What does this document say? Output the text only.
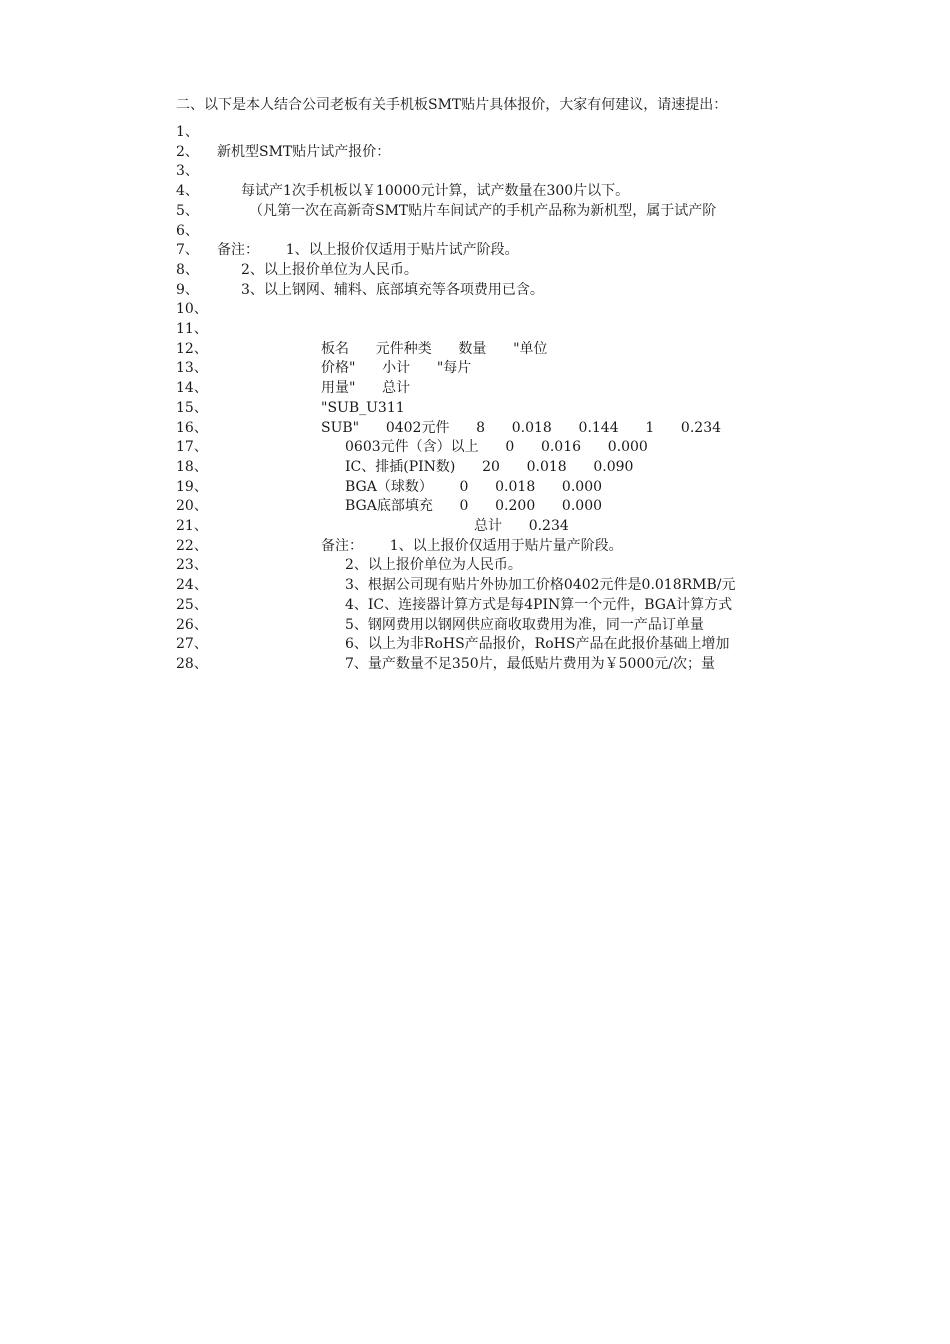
二、以下是本人结合公司老板有关手机板SMT贴片具体报价，大家有何建议，请速提出：
1、
2、 新机型SMT贴片试产报价：
3、
4、	每试产1次手机板以￥10000元计算，试产数量在300片以下。
5、	（凡第一次在高新奇SMT贴片车间试产的手机产品称为新机型，属于试产阶
6、
7、 备注：      1、以上报价仅适用于贴片试产阶段。
8、	2、以上报价单位为人民币。
9、	3、以上钢网、辅料、底部填充等各项费用已含。
10、
11、
12、	板名      元件种类      数量      "单位
13、	价格"      小计      "每片
14、	用量"      总计
15、	"SUB_U311
16、	SUB"      0402元件      8      0.018      0.144      1      0.234
17、	0603元件（含）以上      0      0.016      0.000
18、	IC、排插(PIN数)      20      0.018      0.090
19、	BGA（球数）      0      0.018      0.000
20、	BGA底部填充      0      0.200      0.000
21、	总计      0.234
22、	备注：      1、以上报价仅适用于贴片量产阶段。
23、	2、以上报价单位为人民币。
24、	3、根据公司现有贴片外协加工价格0402元件是0.018RMB/元
25、	4、IC、连接器计算方式是每4PIN算一个元件，BGA计算方式
26、	5、钢网费用以钢网供应商收取费用为准，同一产品订单量
27、	6、以上为非RoHS产品报价，RoHS产品在此报价基础上增加
28、	7、量产数量不足350片，最低贴片费用为￥5000元/次；量
